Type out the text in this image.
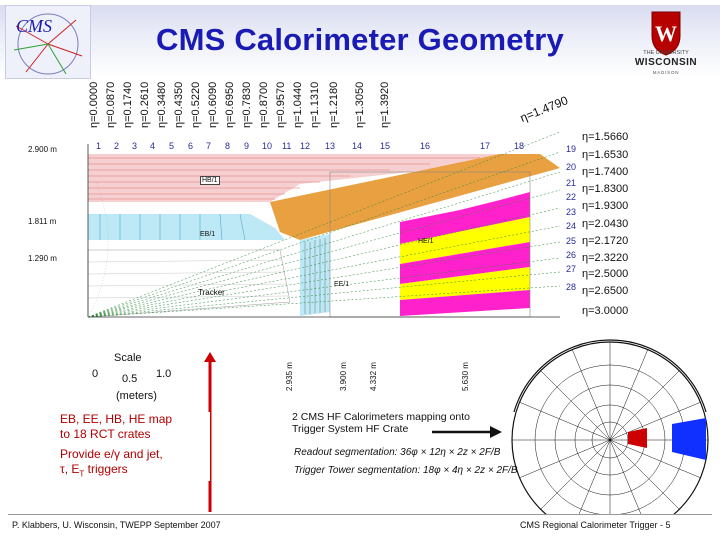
CMS	CMS Calorimeter Geometry	W
THE UNIVERSITY
WISCONSIN
MADISON
η=0.0000 η=0.0870 η=0.1740 η=0.2610 η=0.3480 η=0.4350 η=0.5220 η=0.6090 η=0.6950 η=0.7830 η=0.8700 η=0.9570 η=1.0440 η=1.1310 η=1.2180 η=1.3050 η=1.3920
1 2 3 4 5 6 7 8 9 10 11 12 13 14 15	16	17	18
η=1.5660
η=1.6530
η=1.7400
η=1.8300
η=1.9300
η=2.0430
η=2.1720
η=2.3220
η=2.5000
η=2.6500
η=3.0000
19
20
21
22
23
24
25
26
27
28
η=1.4790
2.900 m
1.811 m
1.290 m
2.935 m	3.900 m	4.332 m	5.630 m
HB/1
EB/1
HE/1
EE/1
Tracker
Scale
0 0.5 1.0
(meters)
EB, EE, HB, HE map
to 18 RCT crates
Provide e/γ and jet,
τ, $E_T$ triggers
2 CMS HF Calorimeters mapping onto
Trigger System HF Crate
Readout segmentation: 36φ × 12η × 2z × 2F/B
Trigger Tower segmentation: 18φ × 4η × 2z × 2F/B
P. Klabbers, U. Wisconsin, TWEPP September 2007	CMS Regional Calorimeter Trigger - 5
